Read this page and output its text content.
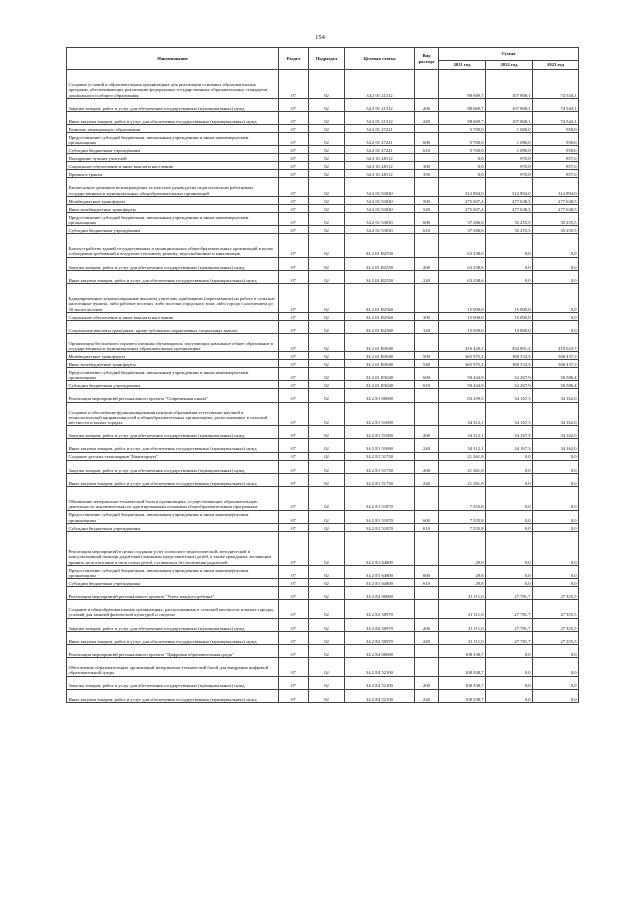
154
Наименование	Раздел	Подраздел	Целевая статья	Вид расхода	Сумма		
					2021 год	2022 год	2023 год
Создание условий в образовательных организациях для реализации основных образовательных программ, обеспечивающих реализацию федеральных государственных образовательных стандартов дошкольного и общего образования	07	02	34 2 01 21312		88 669,7	107 868,1	74 544,1
Закупка товаров, работ и услуг для обеспечения государственных (муниципальных) нужд	07	02	34 2 01 21312	200	88 669,7	107 868,1	74 544,1
Иные закупки товаров, работ и услуг для обеспечения государственных (муниципальных) нужд	07	02	34 2 01 21312	240	88 669,7	107 868,1	74 544,1
Развитие замещающего образования	07	02	34 2 01 27221		5 700,0	1 080,0	950,0
Предоставление субсидий бюджетным, автономным учреждениям и иным некоммерческим организациям	07	02	34 2 01 27221	600	5 700,0	1 080,0	950,0
Субсидии бюджетным учреждениям	07	02	34 2 01 27221	610	5 700,0	1 080,0	950,0
Поощрение лучших учителей	07	02	34 2 01 28112		0,0	970,0	857,0
Социальное обеспечение и иные выплаты населению	07	02	34 2 01 28112	300	0,0	970,0	857,0
Премии и гранты	07	02	34 2 01 28112	350	0,0	970,0	857,0
Ежемесячное денежное вознаграждение за классное руководство педагогическим работникам государственных и муниципальных общеобразовательных организаций	07	02	34 2 01 53030		312 894,0	312 894,0	312 894,0
Межбюджетные трансферты	07	02	34 2 01 53030	500	275 607,4	277 638,5	277 638,5
Иные межбюджетные трансферты	07	02	34 2 01 53030	540	275 607,4	277 638,5	277 638,5
Предоставление субсидий бюджетным, автономным учреждениям и иным некоммерческим организациям	07	02	34 2 01 53030	600	37 286,6	35 255,5	35 255,5
Субсидии бюджетным учреждениям	07	02	34 2 01 53030	610	37 286,6	35 255,5	35 255,5
Благоустройство зданий государственных и муниципальных общеобразовательных организаций в целях соблюдения требований к воздушно-тепловому режиму, водоснабжению и канализации	07	02	34 2 01 R2550		63 238,6	0,0	0,0
Закупка товаров, работ и услуг для обеспечения государственных (муниципальных) нужд	07	02	34 2 01 R2550	200	63 238,6	0,0	0,0
Иные закупки товаров, работ и услуг для обеспечения государственных (муниципальных) нужд	07	02	34 2 01 R2550	240	63 238,6	0,0	0,0
Единовременные компенсационные выплаты учителям, прибывшим (переехавшим) на работу в сельские населенные пункты, либо рабочие поселки, либо поселки городского типа, либо города с населением до 50 тысяч человек	07	02	34 2 01 R2560		15 000,0	15 000,0	0,0
Социальное обеспечение и иные выплаты населению	07	02	34 2 01 R2560	300	15 000,0	15 000,0	0,0
Социальные выплаты гражданам, кроме публичных нормативных социальных выплат	07	02	34 2 01 R2560	320	15 000,0	15 000,0	0,0
Организация бесплатного горячего питания обучающихся, получающих начальное общее образование в государственных и муниципальных образовательных организациях	07	02	34 2 01 R3040		416 420,3	432 801,2	419 023,7
Межбюджетные трансферты	07	02	34 2 01 R3040	500	365 975,4	380 533,3	368 437,3
Иные межбюджетные трансферты	07	02	34 2 01 R3040	540	365 975,4	380 533,3	368 437,3
Предоставление субсидий бюджетным, автономным учреждениям и иным некоммерческим организациям	07	02	34 2 01 R3040	600	50 444,9	52 267,9	50 586,4
Субсидии бюджетным учреждениям	07	02	34 2 01 R3040	610	50 444,9	52 267,9	50 586,4
Реализация мероприятий регионального проекта "Современная школа"	07	02	34 2 E1 00000		63 259,5	34 167,3	34 162,0
Создание и обеспечение функционирования центров образования естественно-научной и технологической направленностей в общеобразовательных организациях, расположенных в сельской местности и малых городах	07	02	34 2 E1 51690		34 312,1	34 167,3	34 162,0
Закупка товаров, работ и услуг для обеспечения государственных (муниципальных) нужд	07	02	34 2 E1 51690	200	34 312,1	34 167,3	34 162,0
Иные закупки товаров, работ и услуг для обеспечения государственных (муниципальных) нужд	07	02	34 2 E1 51690	240	34 312,1	34 167,3	34 162,0
Создание детских технопарков "Кванториум"	07	02	34 2 E1 51730		21 361,8	0,0	0,0
Закупка товаров, работ и услуг для обеспечения государственных (муниципальных) нужд	07	02	34 2 E1 51730	200	21 361,8	0,0	0,0
Иные закупки товаров, работ и услуг для обеспечения государственных (муниципальных) нужд	07	02	34 2 E1 51730	240	21 361,8	0,0	0,0
Обновление материально-технической базы в организациях, осуществляющих образовательную деятельность исключительно по адаптированным основным общеобразовательным программам	07	02	34 2 E1 51870		7 555,8	0,0	0,0
Предоставление субсидий бюджетным, автономным учреждениям и иным некоммерческим организациям	07	02	34 2 E1 51870	600	7 555,8	0,0	0,0
Субсидии бюджетным учреждениям	07	02	34 2 E1 51870	610	7 555,8	0,0	0,0
Реализация мероприятий в целях создания услуг психолого-педагогической, методической и консультативной помощи родителям (законным представителям) детей, а также гражданам, желающим принять на воспитание в свои семьи детей, оставшихся без попечения родителей	07	02	34 2 E1 64800		29,8	0,0	0,0
Предоставление субсидий бюджетным, автономным учреждениям и иным некоммерческим организациям	07	02	34 2 E1 64800	600	29,8	0,0	0,0
Субсидии бюджетным учреждениям	07	02	34 2 E1 64800	610	29,8	0,0	0,0
Реализация мероприятий регионального проекта "Успех каждого ребенка"	07	02	34 2 E2 00000		31 111,0	27 781,7	27 355,5
Создание в общеобразовательных организациях, расположенных в сельской местности и малых городах, условий для занятий физической культурой и спортом	07	02	34 2 E2 50970		31 111,0	27 781,7	27 355,5
Закупка товаров, работ и услуг для обеспечения государственных (муниципальных) нужд	07	02	34 2 E2 50970	200	31 111,0	27 781,7	27 355,5
Иные закупки товаров, работ и услуг для обеспечения государственных (муниципальных) нужд	07	02	34 2 E2 50970	240	31 111,0	27 781,7	27 355,5
Реализация мероприятий регионального проекта "Цифровая образовательная среда"	07	02	34 2 E4 00000		108 338,7	0,0	0,0
Обеспечение образовательных организаций материально-технической базой для внедрения цифровой образовательной среды	07	02	34 2 E4 52100		108 338,7	0,0	0,0
Закупка товаров, работ и услуг для обеспечения государственных (муниципальных) нужд	07	02	34 2 E4 52100	200	108 338,7	0,0	0,0
Иные закупки товаров, работ и услуг для обеспечения государственных (муниципальных) нужд	07	02	34 2 E4 52100	240	108 338,7	0,0	0,0
